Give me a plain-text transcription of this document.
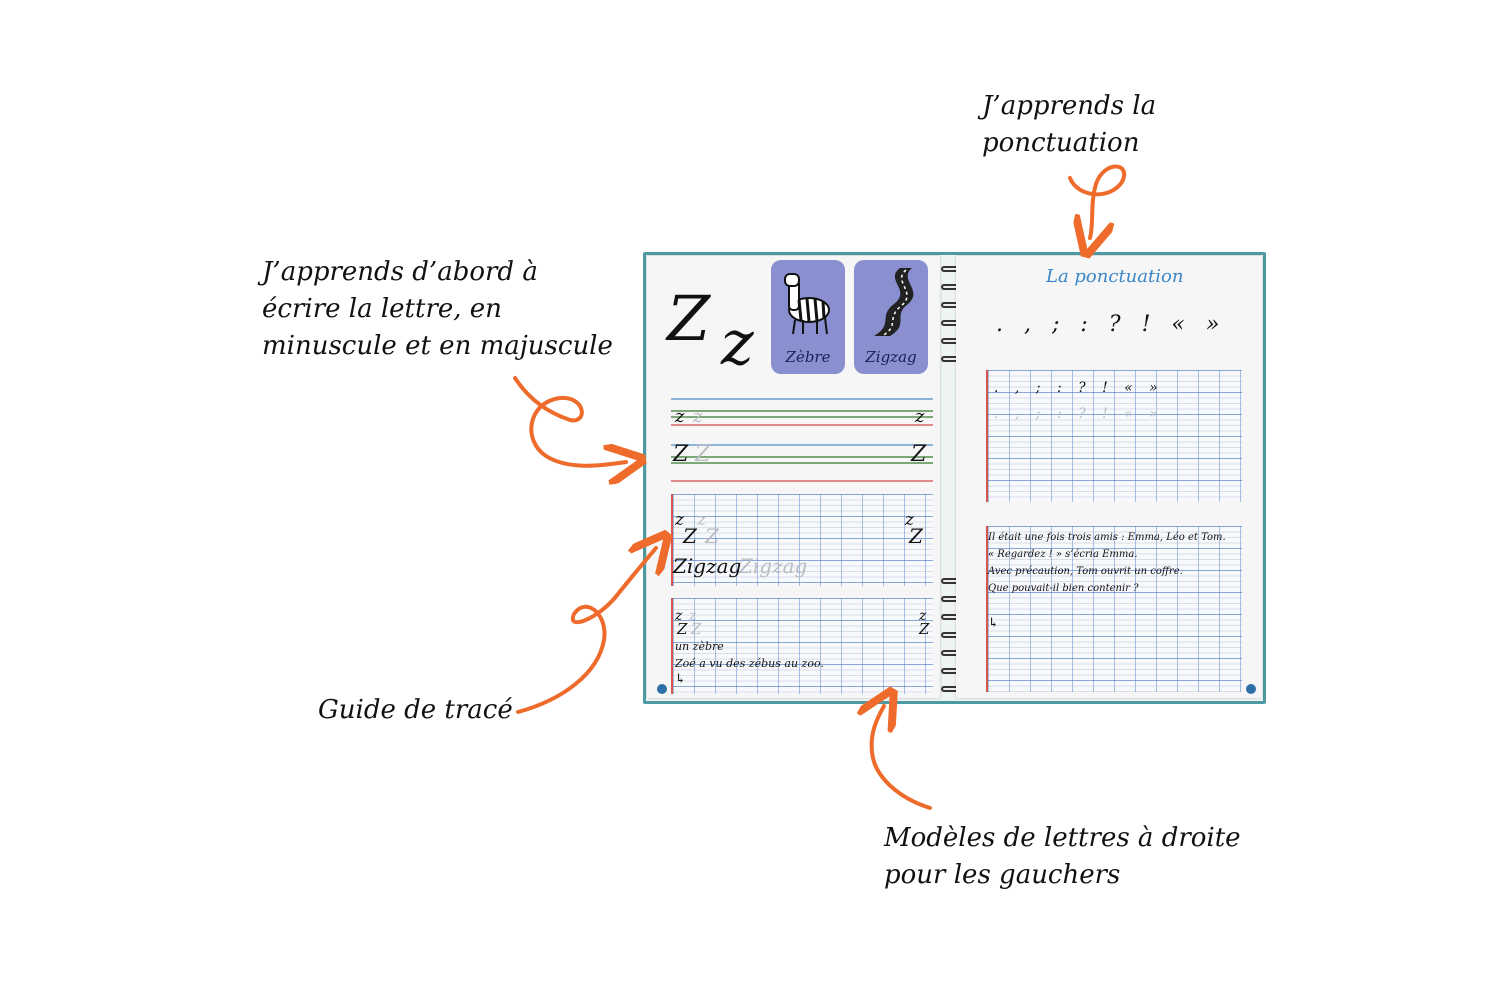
J’apprends d’abord à
écrire la lettre, en
minuscule et en majuscule
J’apprends la
ponctuation
Guide de tracé
Modèles de lettres à droite
pour les gauchers
Z z	Zèbre	Zigzag
z z	z
Z Z	Z
z z	z
Z Z	Z
Zigzag
Zigzag
z z	z
Z Z	Z
un zèbre
Zoé a vu des zébus au zoo.
↳
La ponctuation
. , ; : ? ! « »
. , ; : ? ! « »
. , ; : ? ! « »
Il était une fois trois amis : Emma, Léo et Tom.
« Regardez ! » s’écria Emma.
Avec précaution, Tom ouvrit un coffre.
Que pouvait-il bien contenir ?
↳
